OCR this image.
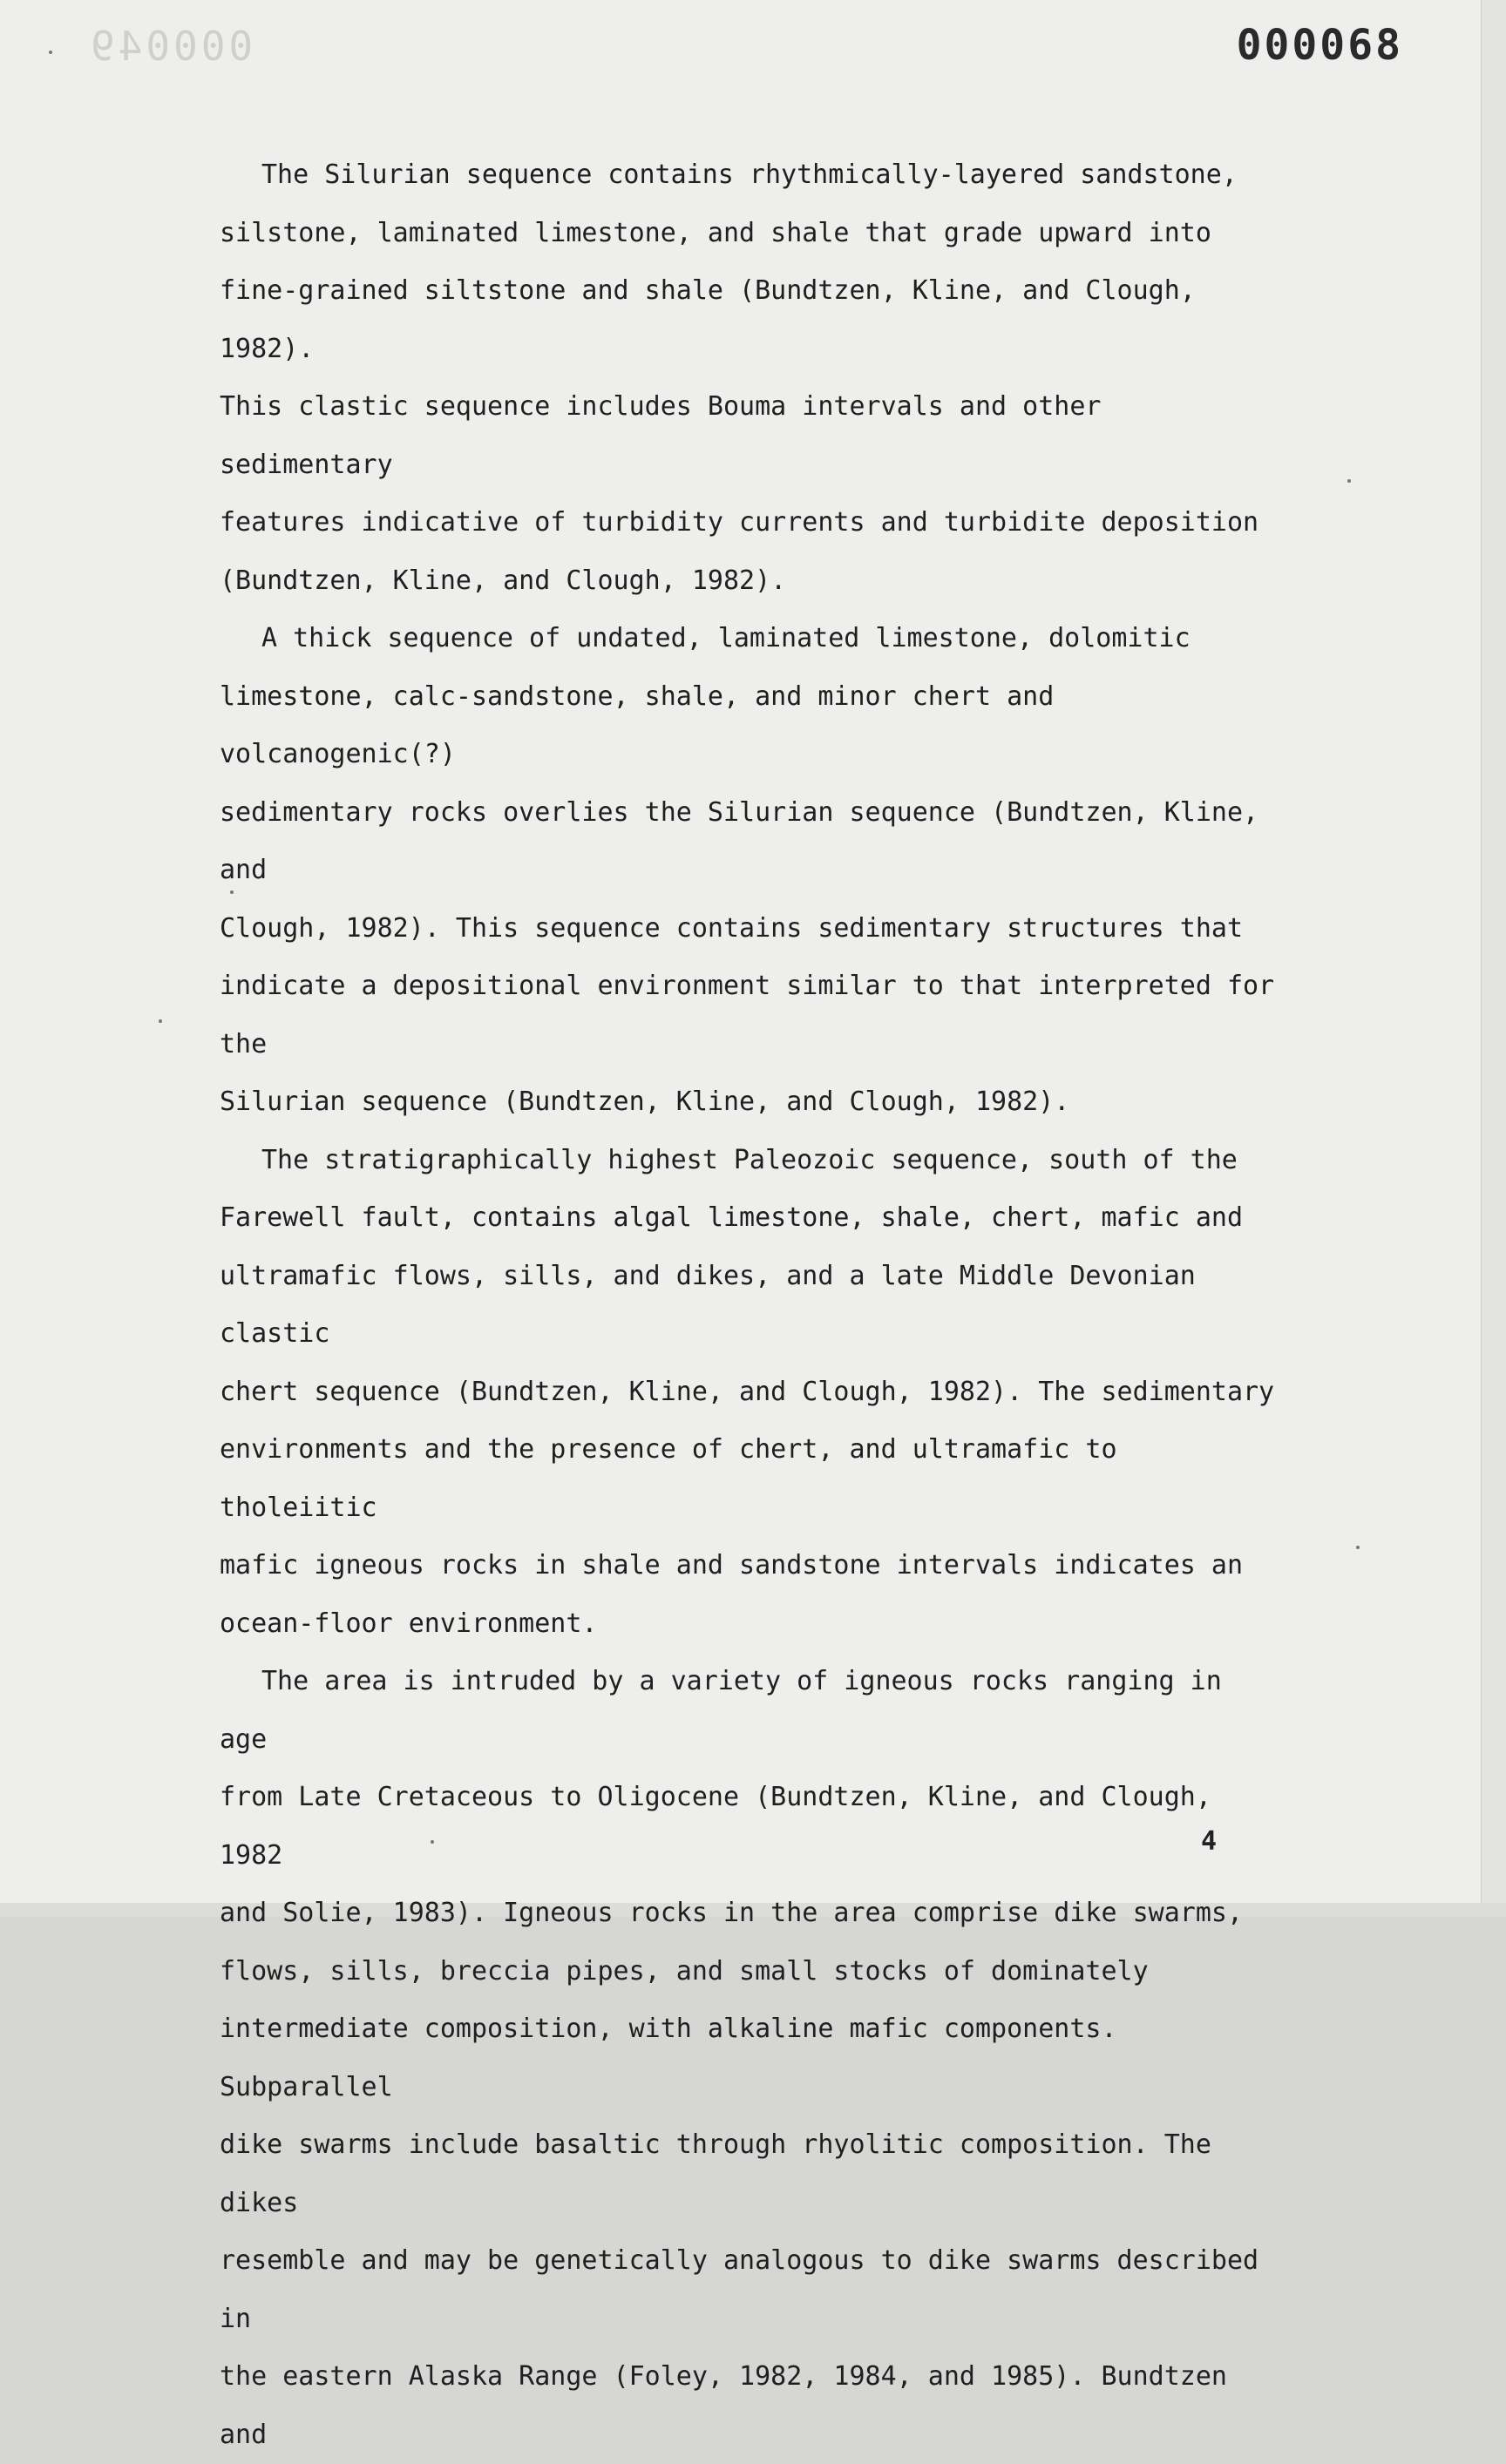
000049	000068

The Silurian sequence contains rhythmically-layered sandstone,
silstone, laminated limestone, and shale that grade upward into
fine-grained siltstone and shale (Bundtzen, Kline, and Clough, 1982).
This clastic sequence includes Bouma intervals and other sedimentary
features indicative of turbidity currents and turbidite deposition
(Bundtzen, Kline, and Clough, 1982).

A thick sequence of undated, laminated limestone, dolomitic
limestone, calc-sandstone, shale, and minor chert and volcanogenic(?)
sedimentary rocks overlies the Silurian sequence (Bundtzen, Kline, and
Clough, 1982). This sequence contains sedimentary structures that
indicate a depositional environment similar to that interpreted for the
Silurian sequence (Bundtzen, Kline, and Clough, 1982).

The stratigraphically highest Paleozoic sequence, south of the
Farewell fault, contains algal limestone, shale, chert, mafic and
ultramafic flows, sills, and dikes, and a late Middle Devonian clastic
chert sequence (Bundtzen, Kline, and Clough, 1982). The sedimentary
environments and the presence of chert, and ultramafic to tholeiitic
mafic igneous rocks in shale and sandstone intervals indicates an
ocean-floor environment.

The area is intruded by a variety of igneous rocks ranging in age
from Late Cretaceous to Oligocene (Bundtzen, Kline, and Clough, 1982
and Solie, 1983). Igneous rocks in the area comprise dike swarms,
flows, sills, breccia pipes, and small stocks of dominately
intermediate composition, with alkaline mafic components. Subparallel
dike swarms include basaltic through rhyolitic composition. The dikes
resemble and may be genetically analogous to dike swarms described in
the eastern Alaska Range (Foley, 1982, 1984, and 1985). Bundtzen and

4
